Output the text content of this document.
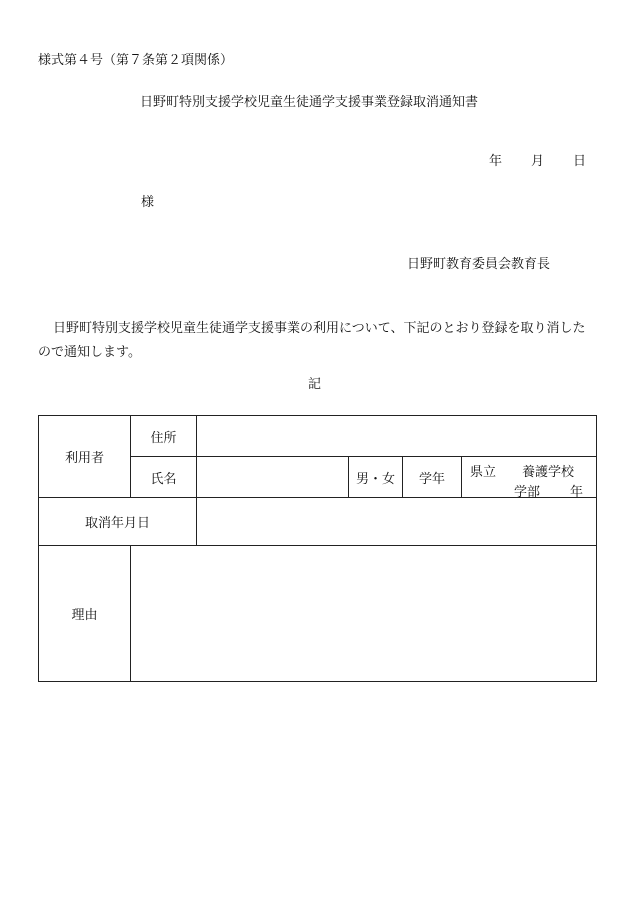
様式第４号（第７条第２項関係）
日野町特別支援学校児童生徒通学支援事業登録取消通知書
年 月 日
様
日野町教育委員会教育長
日野町特別支援学校児童生徒通学支援事業の利用について、下記のとおり登録を取り消したので通知します。
記
利用者	住所				
	氏名		男・女	学年	県立 養護学校
学部 年

取消年月日					
理由					
